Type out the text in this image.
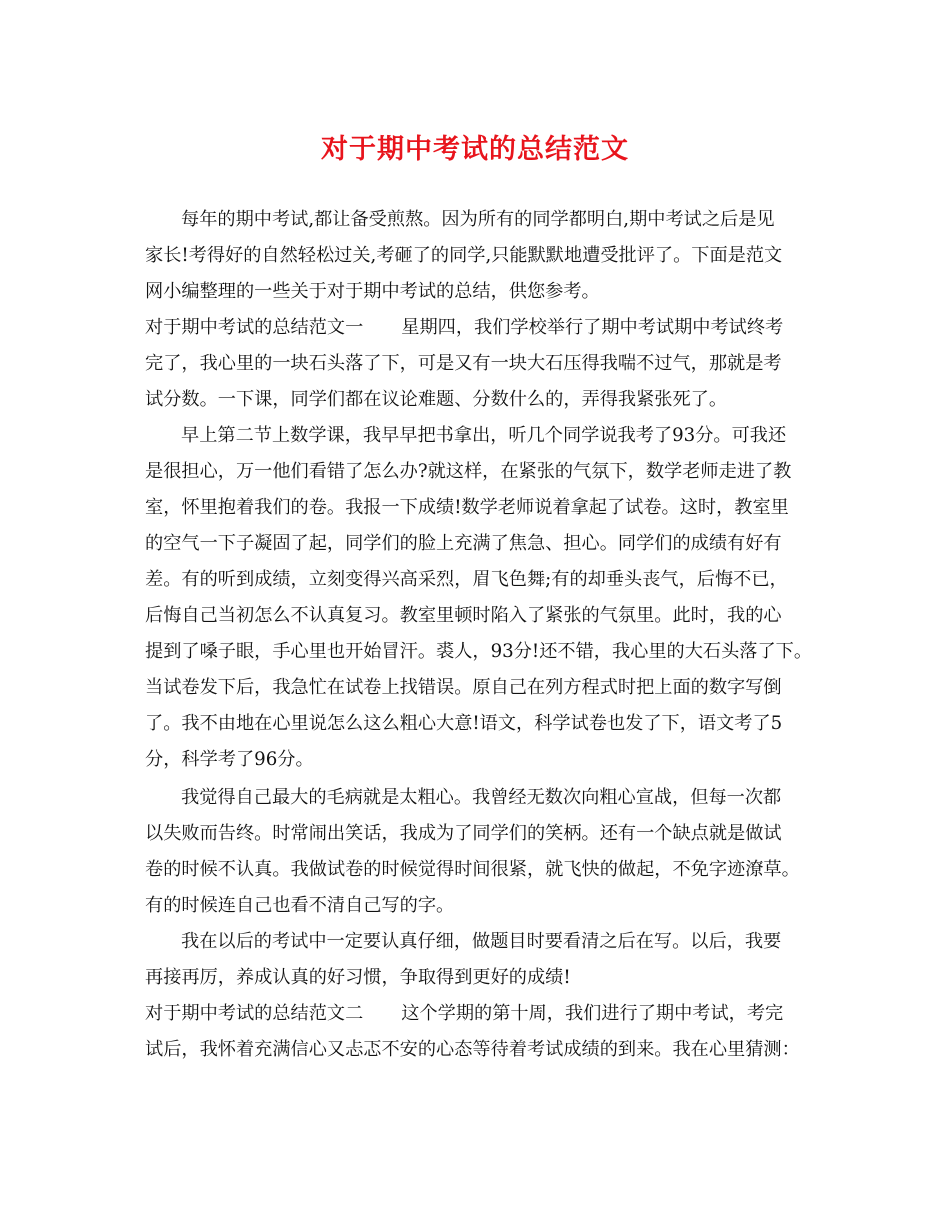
对于期中考试的总结范文
每年的期中考试,都让备受煎熬。因为所有的同学都明白,期中考试之后是见
家长!考得好的自然轻松过关,考砸了的同学,只能默默地遭受批评了。下面是范文
网小编整理的一些关于对于期中考试的总结，供您参考。
对于期中考试的总结范文一 星期四，我们学校举行了期中考试期中考试终考
完了，我心里的一块石头落了下，可是又有一块大石压得我喘不过气，那就是考
试分数。一下课，同学们都在议论难题、分数什么的，弄得我紧张死了。
早上第二节上数学课，我早早把书拿出，听几个同学说我考了93分。可我还
是很担心，万一他们看错了怎么办?就这样，在紧张的气氛下，数学老师走进了教
室，怀里抱着我们的卷。我报一下成绩!数学老师说着拿起了试卷。这时，教室里
的空气一下子凝固了起，同学们的脸上充满了焦急、担心。同学们的成绩有好有
差。有的听到成绩，立刻变得兴高采烈，眉飞色舞;有的却垂头丧气，后悔不已，
后悔自己当初怎么不认真复习。教室里顿时陷入了紧张的气氛里。此时，我的心
提到了嗓子眼，手心里也开始冒汗。裘人，93分!还不错，我心里的大石头落了下。
当试卷发下后，我急忙在试卷上找错误。原自己在列方程式时把上面的数字写倒
了。我不由地在心里说怎么这么粗心大意!语文，科学试卷也发了下，语文考了5
分，科学考了96分。
我觉得自己最大的毛病就是太粗心。我曾经无数次向粗心宣战，但每一次都
以失败而告终。时常闹出笑话，我成为了同学们的笑柄。还有一个缺点就是做试
卷的时候不认真。我做试卷的时候觉得时间很紧，就飞快的做起，不免字迹潦草。
有的时候连自己也看不清自己写的字。
我在以后的考试中一定要认真仔细，做题目时要看清之后在写。以后，我要
再接再厉，养成认真的好习惯，争取得到更好的成绩!
对于期中考试的总结范文二 这个学期的第十周，我们进行了期中考试，考完
试后，我怀着充满信心又忐忑不安的心态等待着考试成绩的到来。我在心里猜测：
